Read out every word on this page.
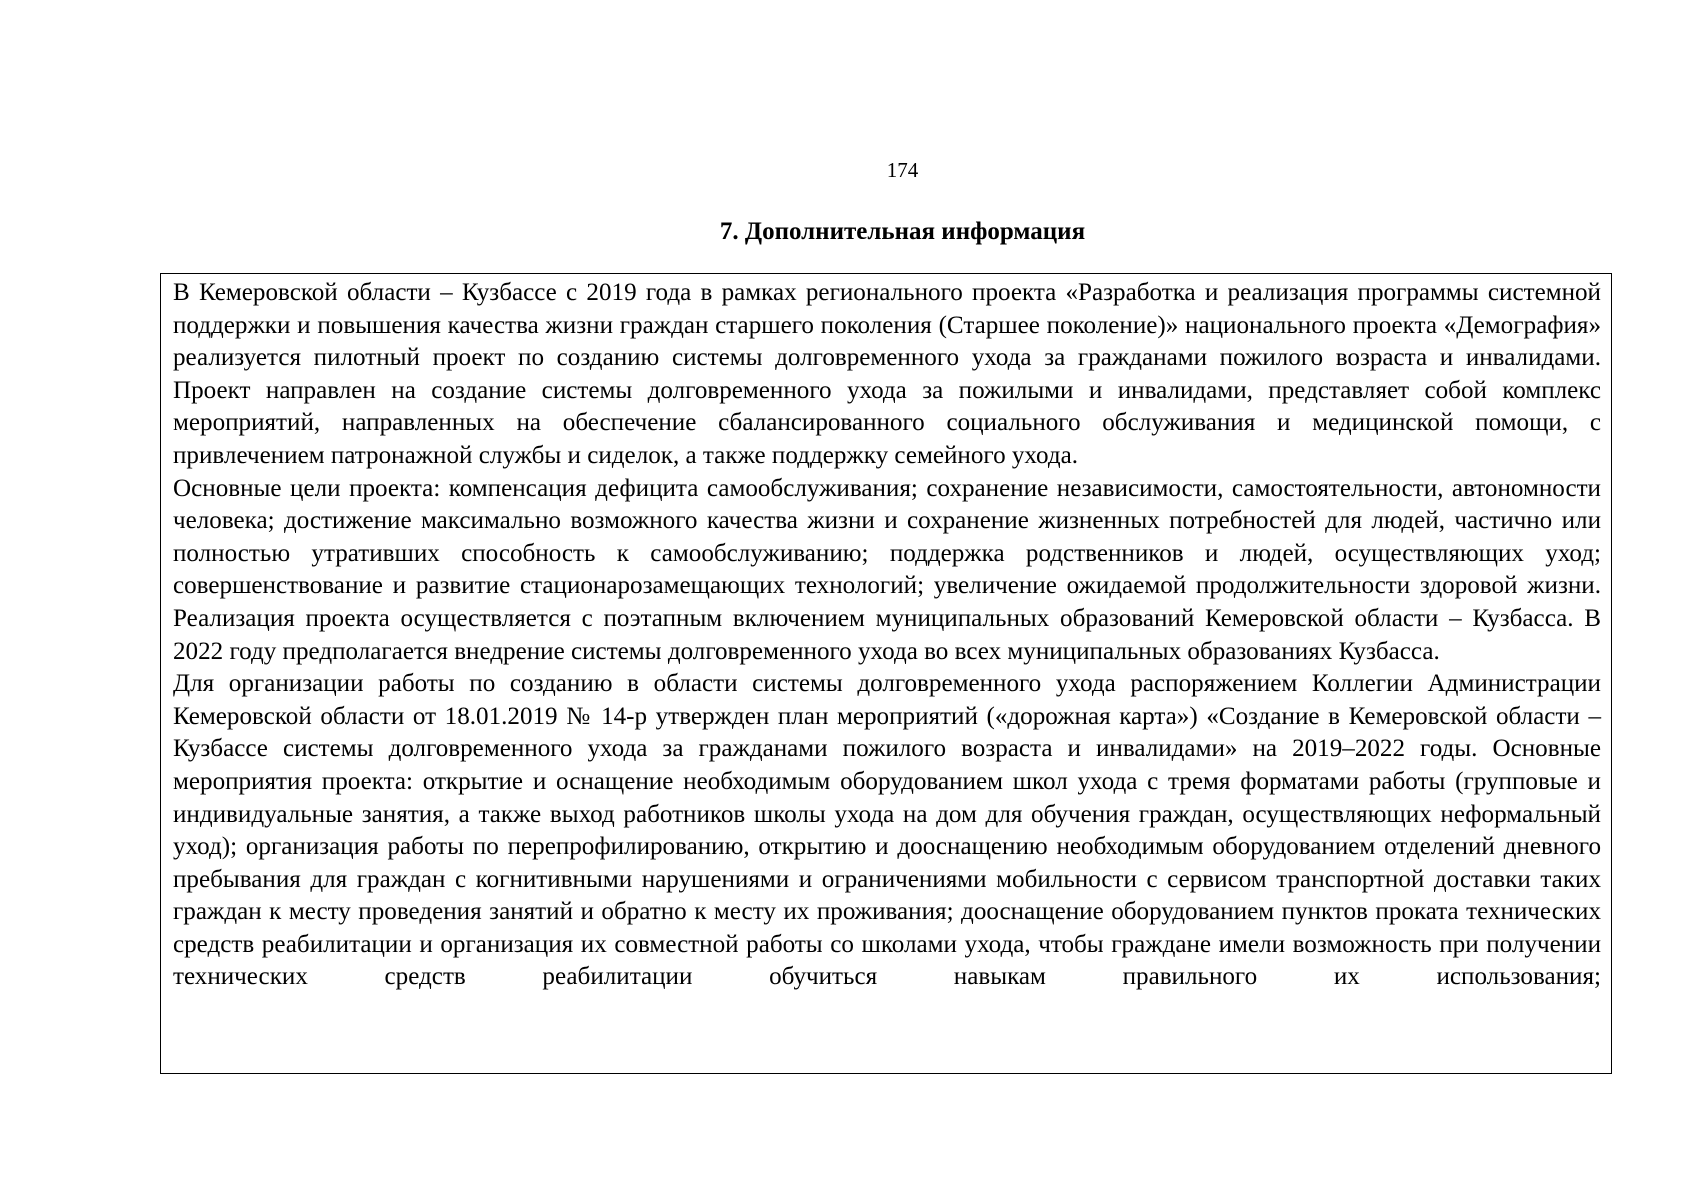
174
7. Дополнительная информация

В Кемеровской области – Кузбассе с 2019 года в рамках регионального проекта «Разработка и реализация программы системной поддержки и повышения качества жизни граждан старшего поколения (Старшее поколение)» национального проекта «Демография» реализуется пилотный проект по созданию системы долговременного ухода за гражданами пожилого возраста и инвалидами. Проект направлен на создание системы долговременного ухода за пожилыми и инвалидами, представляет собой комплекс мероприятий, направленных на обеспечение сбалансированного социального обслуживания и медицинской помощи, с привлечением патронажной службы и сиделок, а также поддержку семейного ухода.

Основные цели проекта: компенсация дефицита самообслуживания; сохранение независимости, самостоятельности, автономности человека; достижение максимально возможного качества жизни и сохранение жизненных потребностей для людей, частично или полностью утративших способность к самообслуживанию; поддержка родственников и людей, осуществляющих уход; совершенствование и развитие стационарозамещающих технологий; увеличение ожидаемой продолжительности здоровой жизни. Реализация проекта осуществляется с поэтапным включением муниципальных образований Кемеровской области – Кузбасса. В 2022 году предполагается внедрение системы долговременного ухода во всех муниципальных образованиях Кузбасса.

Для организации работы по созданию в области системы долговременного ухода распоряжением Коллегии Администрации Кемеровской области от 18.01.2019 № 14-р утвержден план мероприятий («дорожная карта») «Создание в Кемеровской области – Кузбассе системы долговременного ухода за гражданами пожилого возраста и инвалидами» на 2019–2022 годы. Основные мероприятия проекта: открытие и оснащение необходимым оборудованием школ ухода с тремя форматами работы (групповые и индивидуальные занятия, а также выход работников школы ухода на дом для обучения граждан, осуществляющих неформальный уход); организация работы по перепрофилированию, открытию и дооснащению необходимым оборудованием отделений дневного пребывания для граждан с когнитивными нарушениями и ограничениями мобильности с сервисом транспортной доставки таких граждан к месту проведения занятий и обратно к месту их проживания; дооснащение оборудованием пунктов проката технических средств реабилитации и организация их совместной работы со школами ухода, чтобы граждане имели возможность при получении технических средств реабилитации обучиться навыкам правильного их использования;
